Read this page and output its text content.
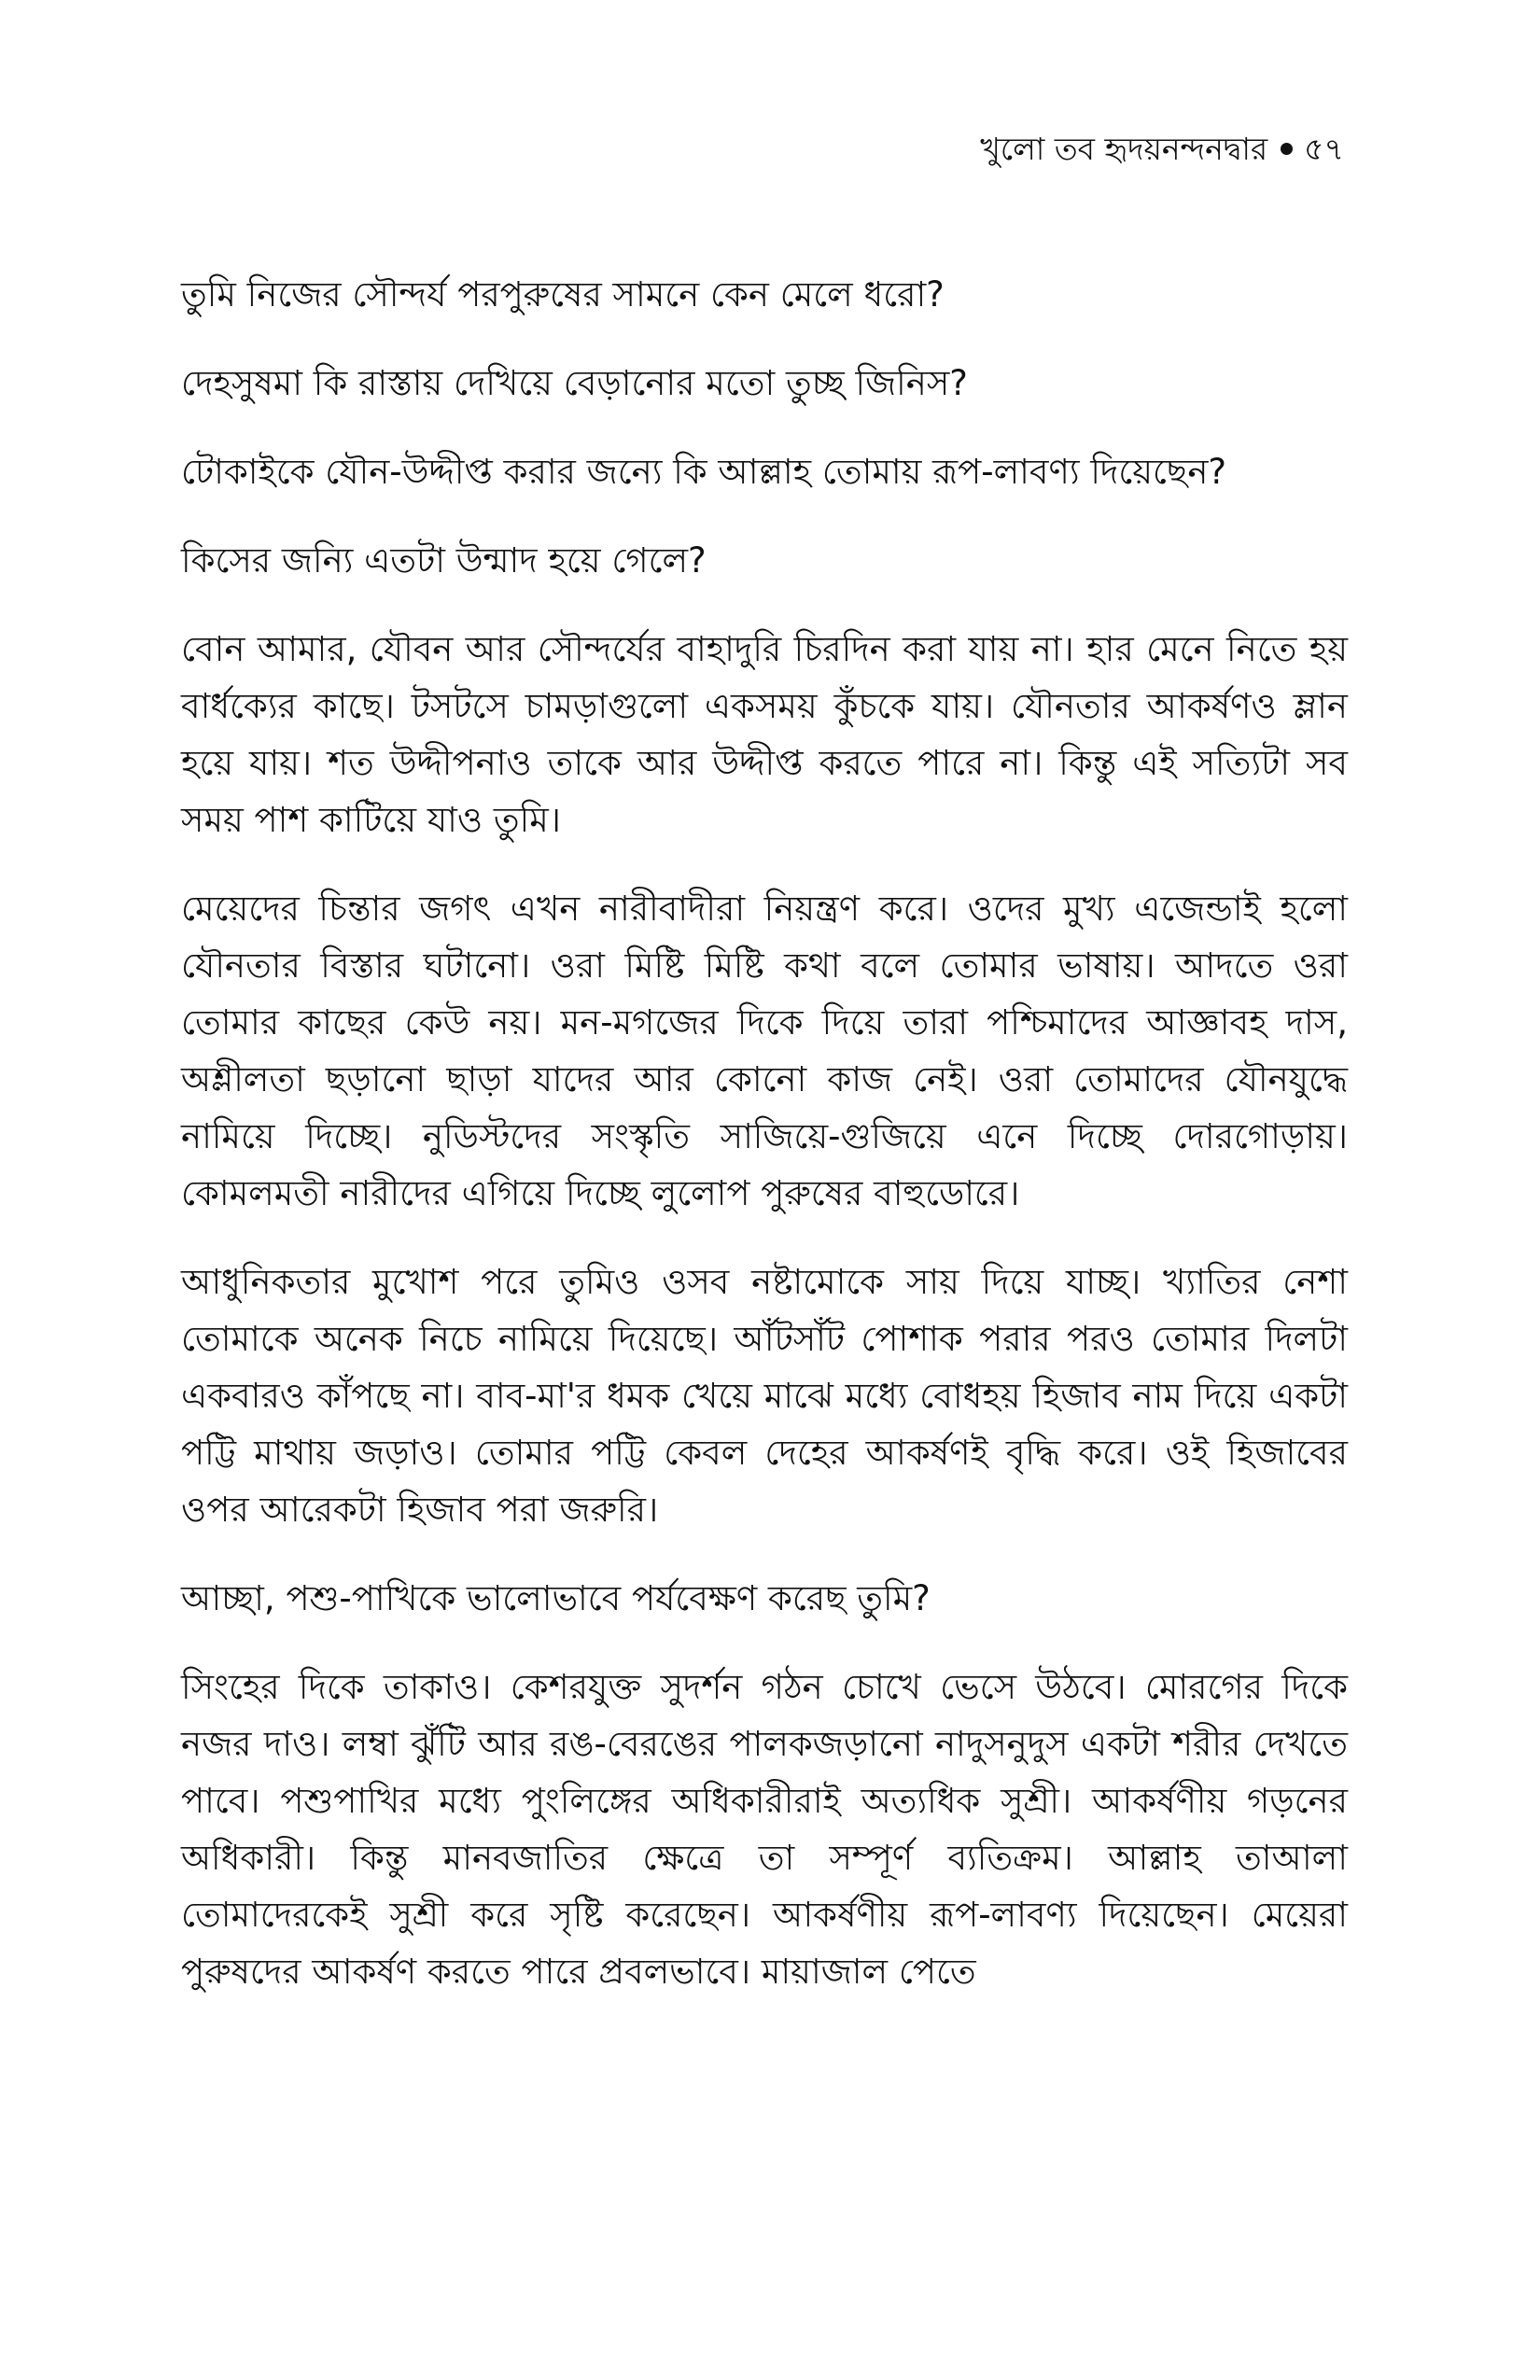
খুলো তব হৃদয়নন্দনদ্বার ৫৭

তুমি নিজের সৌন্দর্য পরপুরুষের সামনে কেন মেলে ধরো?

দেহসুষমা কি রাস্তায় দেখিয়ে বেড়ানোর মতো তুচ্ছ জিনিস?

টোকাইকে যৌন-উদ্দীপ্ত করার জন্যে কি আল্লাহ তোমায় রূপ-লাবণ্য দিয়েছেন?

কিসের জন্যি এতটা উন্মাদ হয়ে গেলে?

বোন আমার, যৌবন আর সৌন্দর্যের বাহাদুরি চিরদিন করা যায় না। হার মেনে নিতে হয় বার্ধক্যের কাছে। টসটসে চামড়াগুলো একসময় কুঁচকে যায়। যৌনতার আকর্ষণও ম্লান হয়ে যায়। শত উদ্দীপনাও তাকে আর উদ্দীপ্ত করতে পারে না। কিন্তু এই সত্যিটা সব সময় পাশ কাটিয়ে যাও তুমি।

মেয়েদের চিন্তার জগৎ এখন নারীবাদীরা নিয়ন্ত্রণ করে। ওদের মুখ্য এজেন্ডাই হলো যৌনতার বিস্তার ঘটানো। ওরা মিষ্টি মিষ্টি কথা বলে তোমার ভাষায়। আদতে ওরা তোমার কাছের কেউ নয়। মন-মগজের দিকে দিয়ে তারা পশ্চিমাদের আজ্ঞাবহ দাস, অশ্লীলতা ছড়ানো ছাড়া যাদের আর কোনো কাজ নেই। ওরা তোমাদের যৌনযুদ্ধে নামিয়ে দিচ্ছে। নুডিস্টদের সংস্কৃতি সাজিয়ে-গুজিয়ে এনে দিচ্ছে দোরগোড়ায়। কোমলমতী নারীদের এগিয়ে দিচ্ছে লুলোপ পুরুষের বাহুডোরে।

আধুনিকতার মুখোশ পরে তুমিও ওসব নষ্টামোকে সায় দিয়ে যাচ্ছ। খ্যাতির নেশা তোমাকে অনেক নিচে নামিয়ে দিয়েছে। আঁটসাঁট পোশাক পরার পরও তোমার দিলটা একবারও কাঁপছে না। বাব-মা'র ধমক খেয়ে মাঝে মধ্যে বোধহয় হিজাব নাম দিয়ে একটা পট্টি মাথায় জড়াও। তোমার পট্টি কেবল দেহের আকর্ষণই বৃদ্ধি করে। ওই হিজাবের ওপর আরেকটা হিজাব পরা জরুরি।

আচ্ছা, পশু-পাখিকে ভালোভাবে পর্যবেক্ষণ করেছ তুমি?

সিংহের দিকে তাকাও। কেশরযুক্ত সুদর্শন গঠন চোখে ভেসে উঠবে। মোরগের দিকে নজর দাও। লম্বা ঝুঁটি আর রঙ-বেরঙের পালকজড়ানো নাদুসনুদুস একটা শরীর দেখতে পাবে। পশুপাখির মধ্যে পুংলিঙ্গের অধিকারীরাই অত্যধিক সুশ্রী। আকর্ষণীয় গড়নের অধিকারী। কিন্তু মানবজাতির ক্ষেত্রে তা সম্পূর্ণ ব্যতিক্রম। আল্লাহ তাআলা তোমাদেরকেই সুশ্রী করে সৃষ্টি করেছেন। আকর্ষণীয় রূপ-লাবণ্য দিয়েছেন। মেয়েরা পুরুষদের আকর্ষণ করতে পারে প্রবলভাবে। মায়াজাল পেতে
